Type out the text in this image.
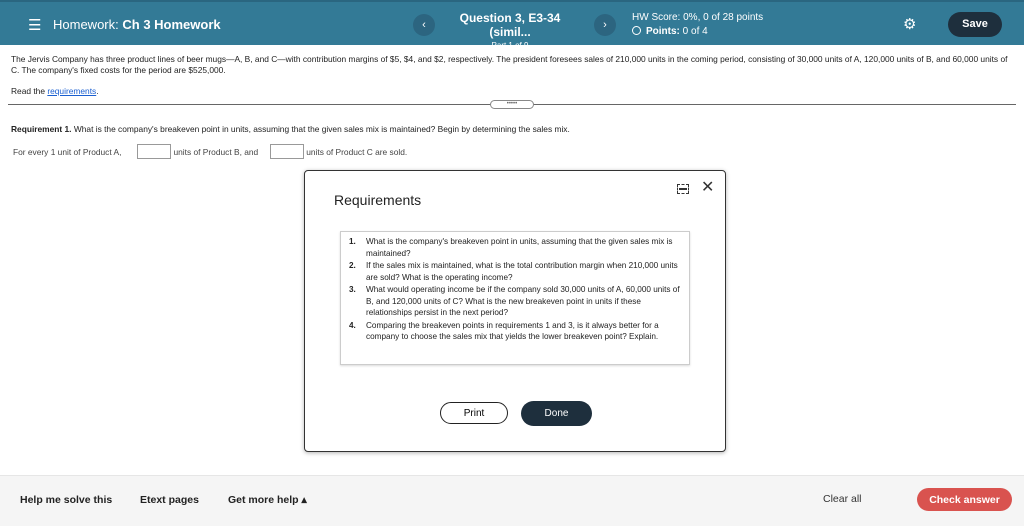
☰ Homework: Ch 3 Homework	‹	Question 3, E3-34 (simil...
Part 1 of 9
›
HW Score: 0%, 0 of 28 points
Points: 0 of 4	⚙	Save
The Jervis Company has three product lines of beer mugs—A, B, and C—with contribution margins of $5, $4, and $2, respectively. The president foresees sales of 210,000 units in the coming period, consisting of 30,000 units of A, 120,000 units of B, and 60,000 units of C. The company's fixed costs for the period are $525,000.
Read the requirements.
•••••
Requirement 1. What is the company's breakeven point in units, assuming that the given sales mix is maintained? Begin by determining the sales mix.
For every 1 unit of Product A,	units of Product B, and	units of Product C are sold.
Requirements
✕
1.	What is the company's breakeven point in units, assuming that the given sales mix is maintained?
2.	If the sales mix is maintained, what is the total contribution margin when 210,000 units are sold? What is the operating income?
3.	What would operating income be if the company sold 30,000 units of A, 60,000 units of B, and 120,000 units of C? What is the new breakeven point in units if these relationships persist in the next period?
4.	Comparing the breakeven points in requirements 1 and 3, is it always better for a company to choose the sales mix that yields the lower breakeven point? Explain.
Print	Done
Help me solve this	Etext pages	Get more help ▴	Clear all	Check answer
